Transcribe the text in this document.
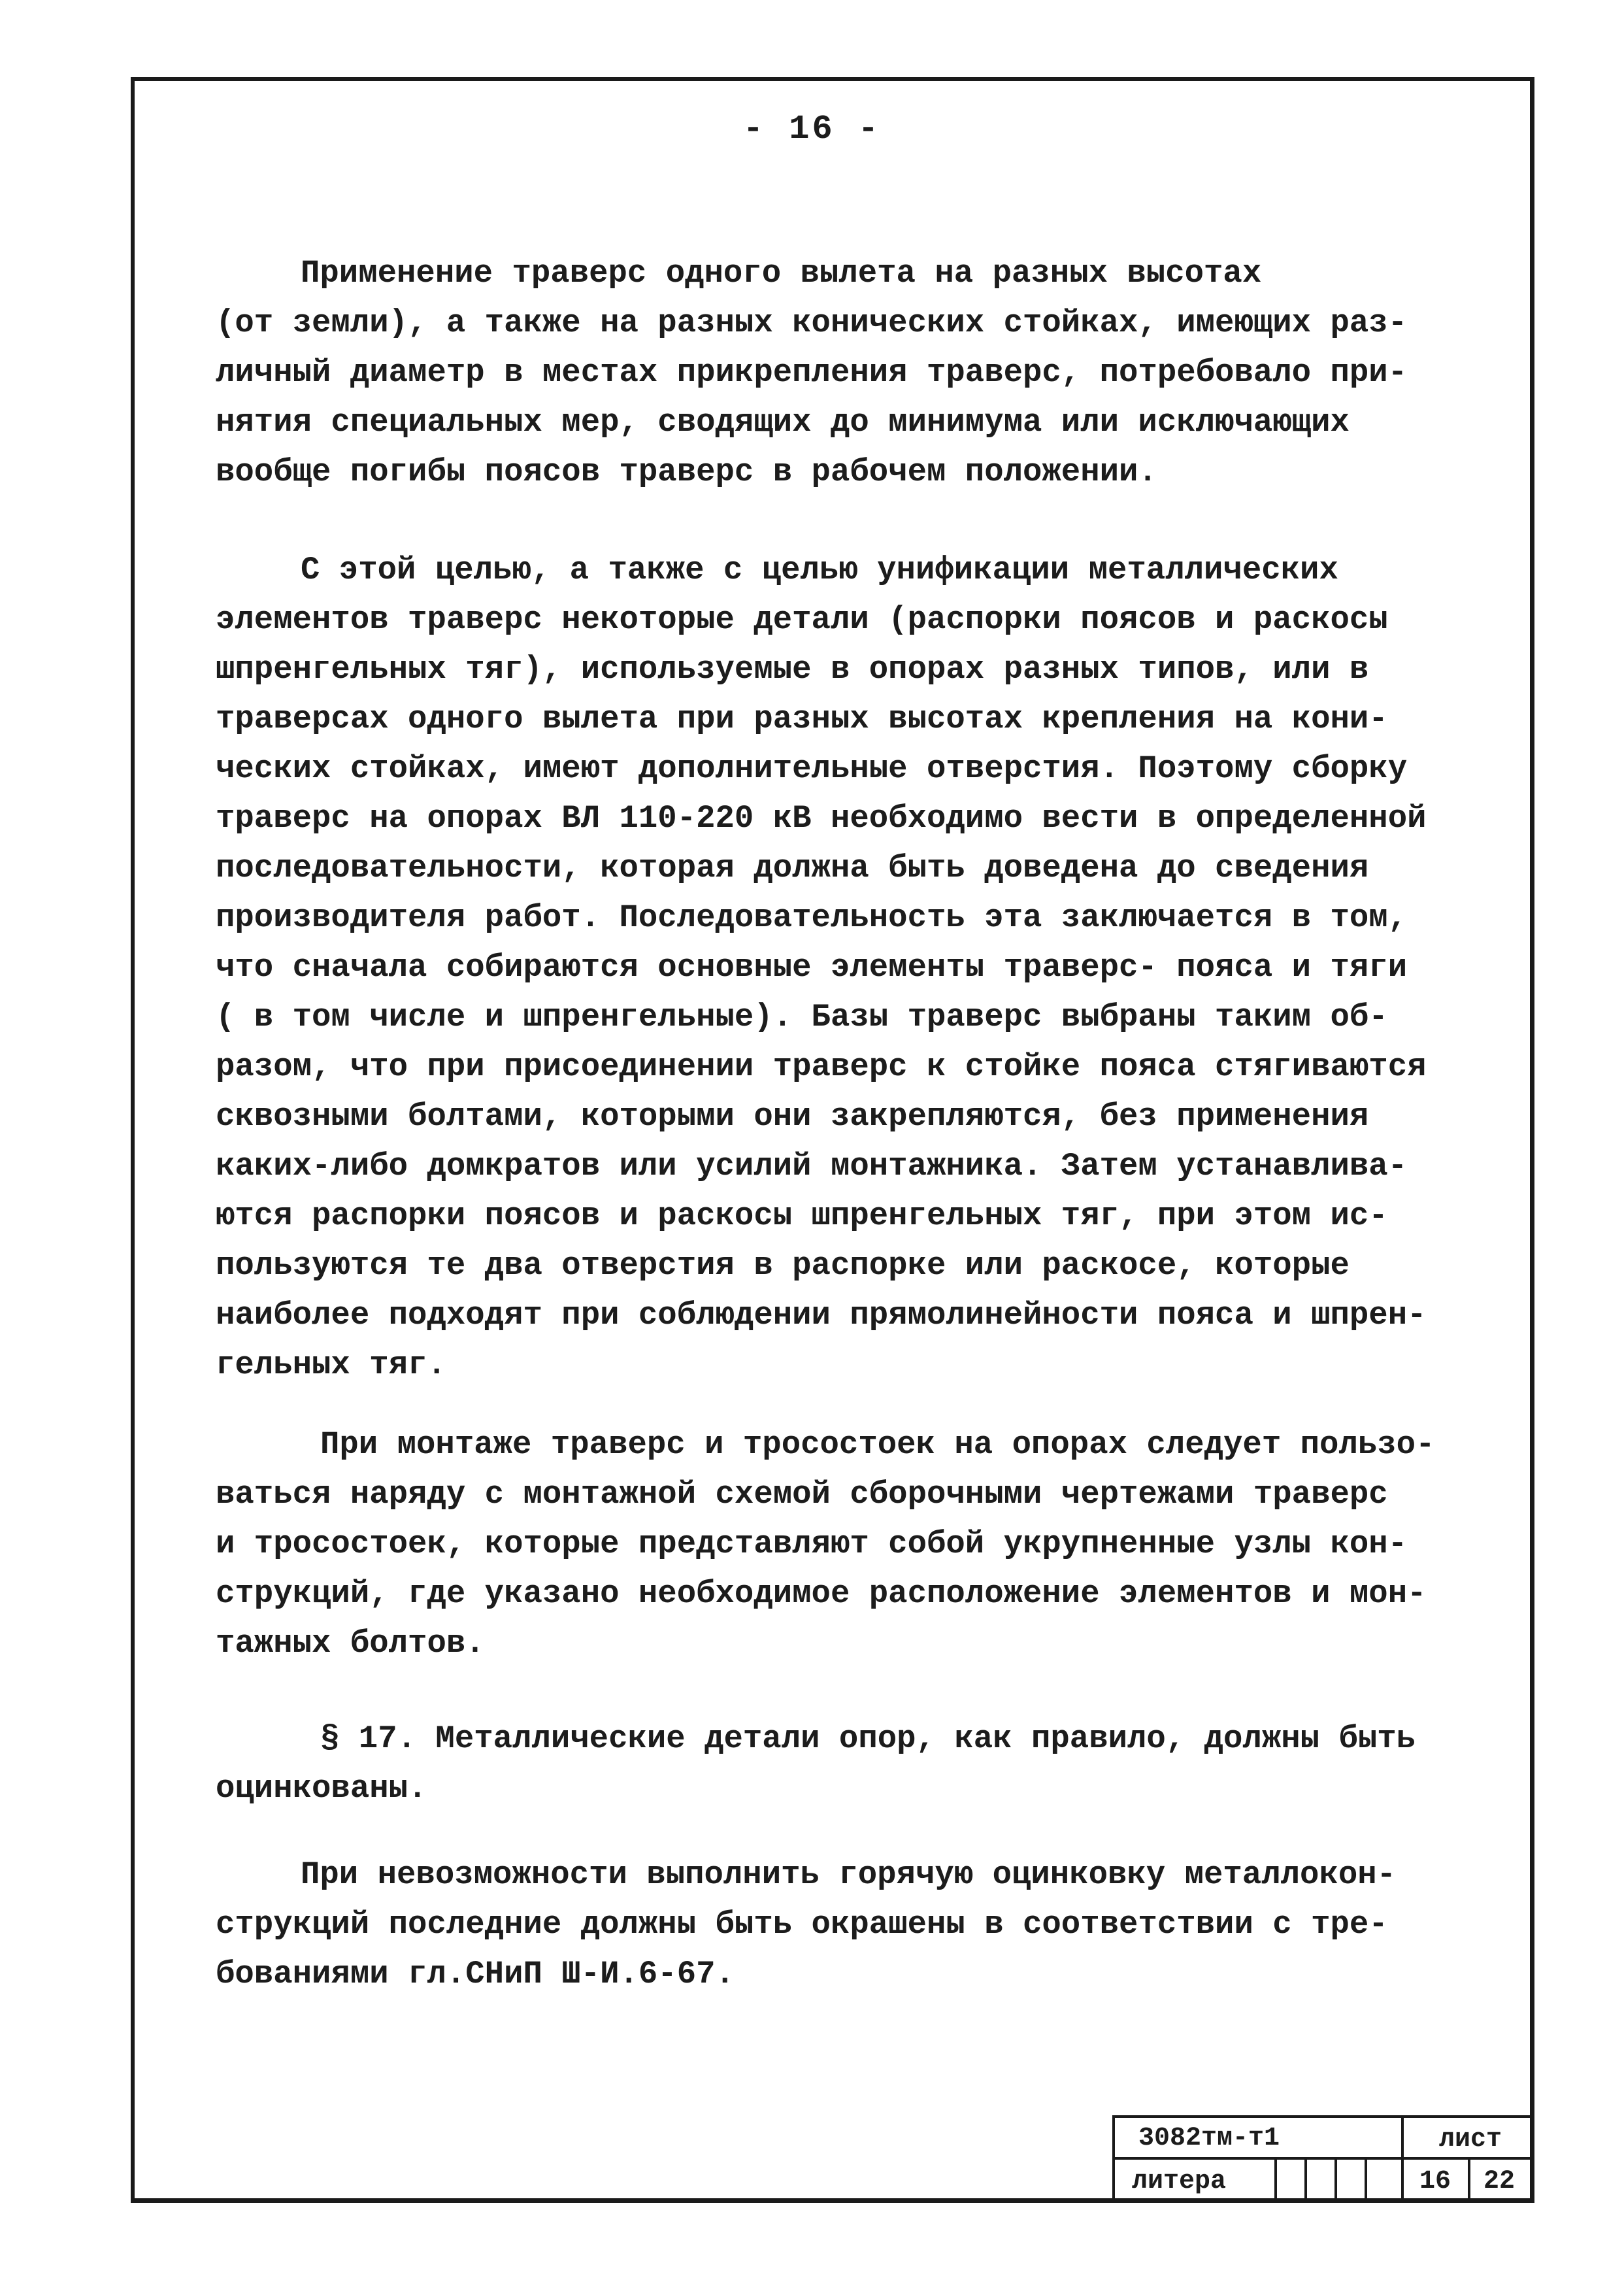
- 16 -
Применение траверс одного вылета на разных высотах
(от земли), а также на разных конических стойках, имеющих раз-
личный диаметр в местах прикрепления траверс, потребовало при-
нятия специальных мер, сводящих до минимума или исключающих
вообще погибы поясов траверс в рабочем положении.
С этой целью, а также с целью унификации металлических
элементов траверс некоторые детали (распорки поясов и раскосы
шпренгельных тяг), используемые в опорах разных типов, или в
траверсах одного вылета при разных высотах крепления на кони-
ческих стойках, имеют дополнительные отверстия. Поэтому сборку
траверс на опорах ВЛ 110-220 кВ необходимо вести в определенной
последовательности, которая должна быть доведена до сведения
производителя работ. Последовательность эта заключается в том,
что сначала собираются основные элементы траверс- пояса и тяги
( в том числе и шпренгельные). Базы траверс выбраны таким об-
разом, что при присоединении траверс к стойке пояса стягиваются
сквозными болтами, которыми они закрепляются, без применения
каких-либо домкратов или усилий монтажника. Затем устанавлива-
ются распорки поясов и раскосы шпренгельных тяг, при этом ис-
пользуются те два отверстия в распорке или раскосе, которые
наиболее подходят при соблюдении прямолинейности пояса и шпрен-
гельных тяг.
При монтаже траверс и тросостоек на опорах следует пользо-
ваться наряду с монтажной схемой сборочными чертежами траверс
и тросостоек, которые представляют собой укрупненные узлы кон-
струкций, где указано необходимое расположение элементов и мон-
тажных болтов.
§ 17. Металлические детали опор, как правило, должны быть
оцинкованы.
При невозможности выполнить горячую оцинковку металлокон-
струкций последние должны быть окрашены в соответствии с тре-
бованиями гл.СНиП Ш-И.6-67.
3082тм-т1	лист
литера	16 22
